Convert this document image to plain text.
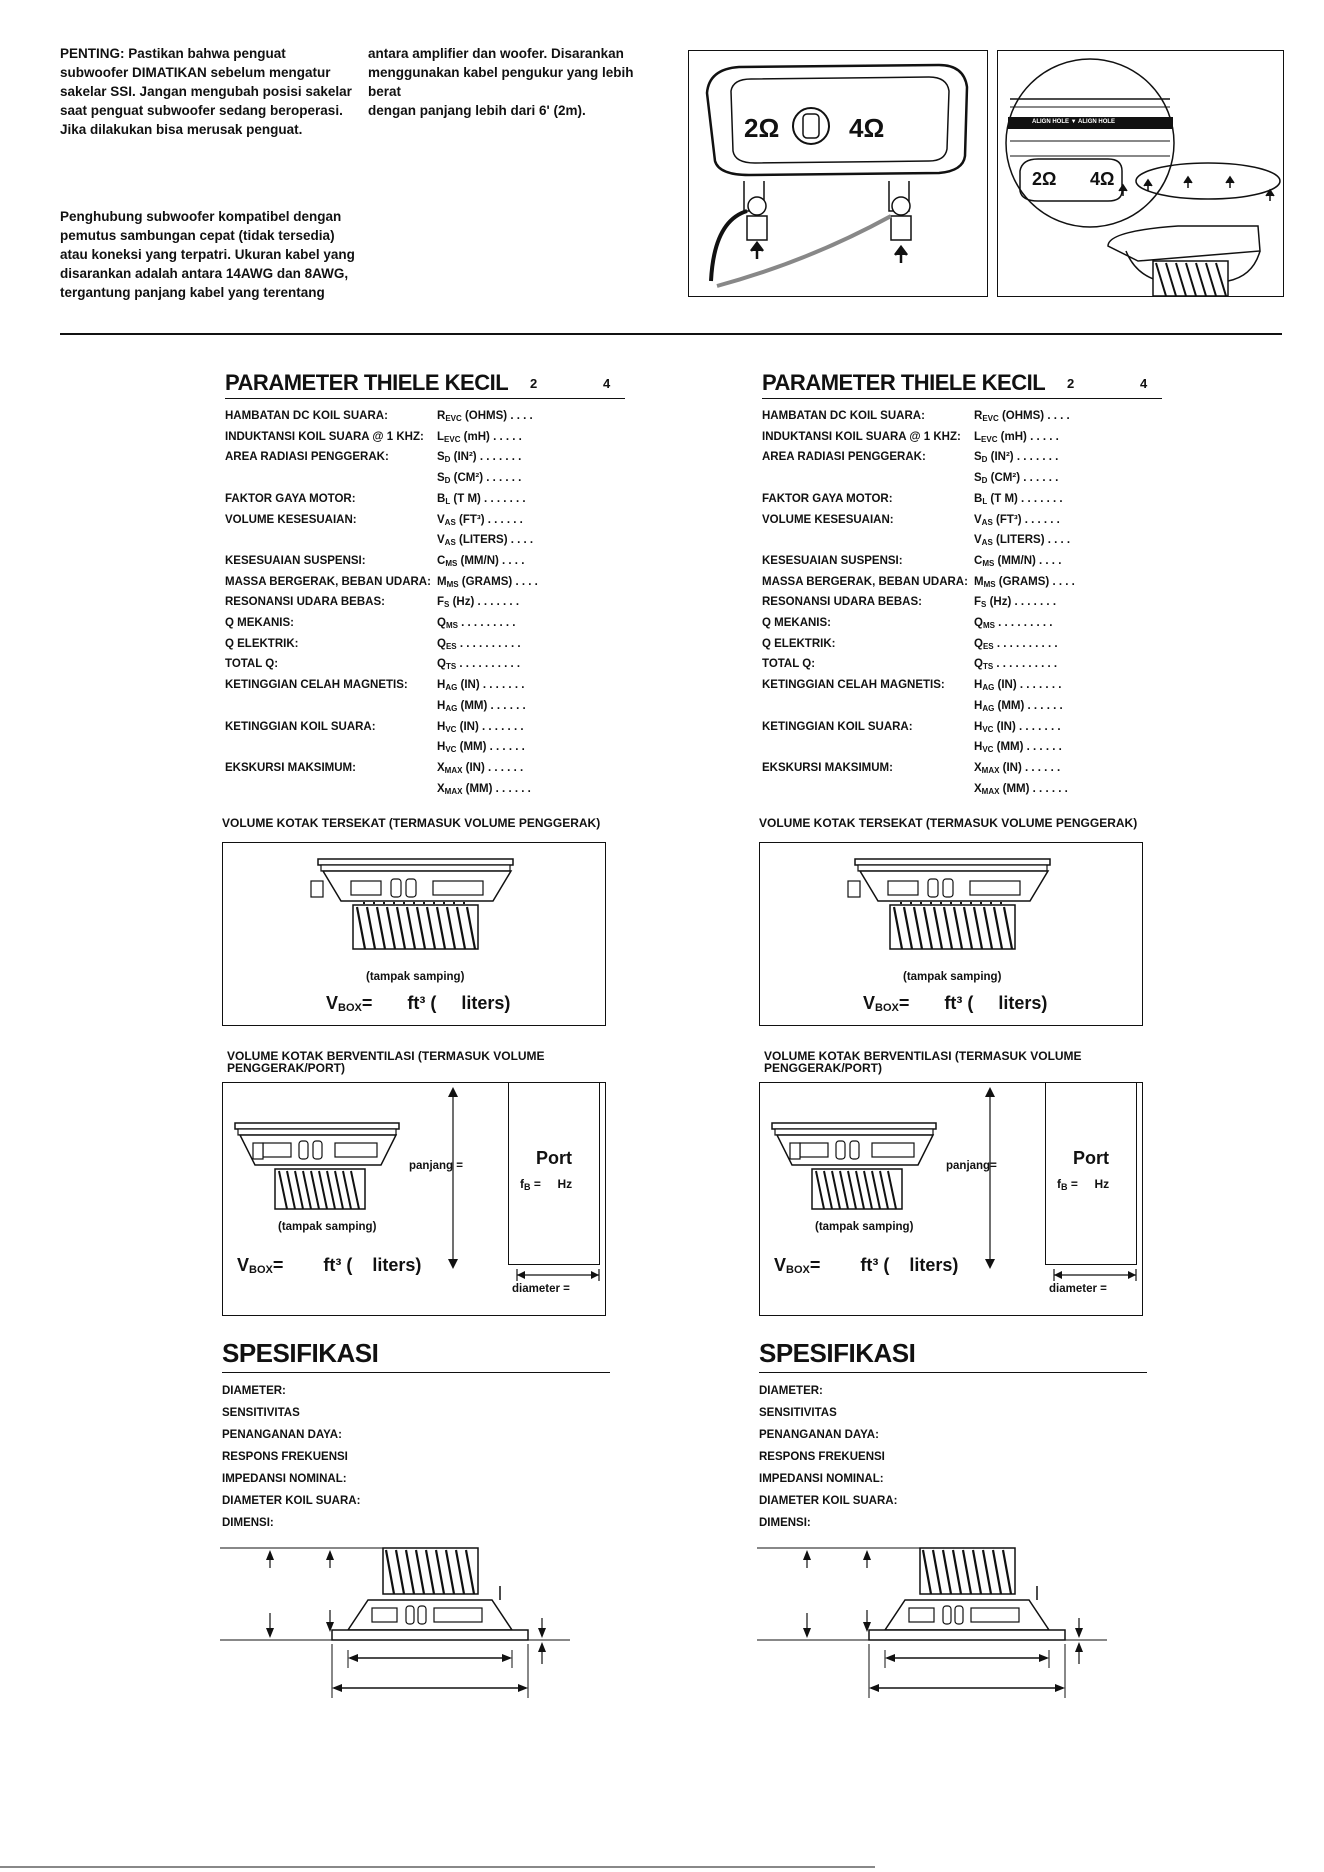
PENTING: Pastikan bahwa penguat
subwoofer DIMATIKAN sebelum mengatur
sakelar SSI. Jangan mengubah posisi sakelar
saat penguat subwoofer sedang beroperasi.
Jika dilakukan bisa merusak penguat.
Penghubung subwoofer kompatibel dengan
pemutus sambungan cepat (tidak tersedia)
atau koneksi yang terpatri. Ukuran kabel yang
disarankan adalah antara 14AWG dan 8AWG,
tergantung panjang kabel yang terentang
antara amplifier dan woofer. Disarankan
menggunakan kabel pengukur yang lebih berat
dengan panjang lebih dari 6' (2m).
2Ω	4Ω	ALIGN HOLE ▼ ALIGN HOLE
2Ω 4Ω
PARAMETER THIELE KECIL 2	4
HAMBATAN DC KOIL SUARA:	$R_{EVC}$ (OHMS) . . . .
INDUKTANSI KOIL SUARA @ 1 KHZ: $L_{EVC}$ (mH) . . . . .
AREA RADIASI PENGGERAK:	$S_D$ (IN²) . . . . . . .
$S_D$ (CM²) . . . . . .
FAKTOR GAYA MOTOR:	$B_L$ (T M) . . . . . . .
VOLUME KESESUAIAN:	$V_{AS}$ (FT³) . . . . . .
$V_{AS}$ (LITERS) . . . .
KESESUAIAN SUSPENSI:	$C_{MS}$ (MM/N) . . . .
MASSA BERGERAK, BEBAN UDARA: $M_{MS}$ (GRAMS) . . . .
RESONANSI UDARA BEBAS:	$F_S$ (Hz) . . . . . . .
Q MEKANIS:	$Q_{MS}$ . . . . . . . . .
Q ELEKTRIK:	$Q_{ES}$ . . . . . . . . . .
TOTAL Q:	$Q_{TS}$ . . . . . . . . . .
KETINGGIAN CELAH MAGNETIS:	$H_{AG}$ (IN) . . . . . . .
$H_{AG}$ (MM) . . . . . .
KETINGGIAN KOIL SUARA:	$H_{VC}$ (IN) . . . . . . .
$H_{VC}$ (MM) . . . . . .
EKSKURSI MAKSIMUM:	$X_{MAX}$ (IN) . . . . . .
$X_{MAX}$ (MM) . . . . . .
VOLUME KOTAK TERSEKAT (TERMASUK VOLUME PENGGERAK)
(tampak samping)
VBOX=       ft³ (     liters)
VOLUME KOTAK BERVENTILASI (TERMASUK VOLUME
PENGGERAK/PORT)
panjang =	Port
$f_B$ =     Hz
(tampak samping)
VBOX=        ft³ (    liters)
diameter =
SPESIFIKASI
DIAMETER:
SENSITIVITAS
PENANGANAN DAYA:
RESPONS FREKUENSI
IMPEDANSI NOMINAL:
DIAMETER KOIL SUARA:
DIMENSI:
PARAMETER THIELE KECIL 2	4
HAMBATAN DC KOIL SUARA:	$R_{EVC}$ (OHMS) . . . .
INDUKTANSI KOIL SUARA @ 1 KHZ: $L_{EVC}$ (mH) . . . . .
AREA RADIASI PENGGERAK:	$S_D$ (IN²) . . . . . . .
$S_D$ (CM²) . . . . . .
FAKTOR GAYA MOTOR:	$B_L$ (T M) . . . . . . .
VOLUME KESESUAIAN:	$V_{AS}$ (FT³) . . . . . .
$V_{AS}$ (LITERS) . . . .
KESESUAIAN SUSPENSI:	$C_{MS}$ (MM/N) . . . .
MASSA BERGERAK, BEBAN UDARA: $M_{MS}$ (GRAMS) . . . .
RESONANSI UDARA BEBAS:	$F_S$ (Hz) . . . . . . .
Q MEKANIS:	$Q_{MS}$ . . . . . . . . .
Q ELEKTRIK:	$Q_{ES}$ . . . . . . . . . .
TOTAL Q:	$Q_{TS}$ . . . . . . . . . .
KETINGGIAN CELAH MAGNETIS:	$H_{AG}$ (IN) . . . . . . .
$H_{AG}$ (MM) . . . . . .
KETINGGIAN KOIL SUARA:	$H_{VC}$ (IN) . . . . . . .
$H_{VC}$ (MM) . . . . . .
EKSKURSI MAKSIMUM:	$X_{MAX}$ (IN) . . . . . .
$X_{MAX}$ (MM) . . . . . .
VOLUME KOTAK TERSEKAT (TERMASUK VOLUME PENGGERAK)
(tampak samping)
VBOX=       ft³ (     liters)
VOLUME KOTAK BERVENTILASI (TERMASUK VOLUME
PENGGERAK/PORT)
panjang=	Port
$f_B$ =     Hz
(tampak samping)
VBOX=        ft³ (    liters)
diameter =
SPESIFIKASI
DIAMETER:
SENSITIVITAS
PENANGANAN DAYA:
RESPONS FREKUENSI
IMPEDANSI NOMINAL:
DIAMETER KOIL SUARA:
DIMENSI:
